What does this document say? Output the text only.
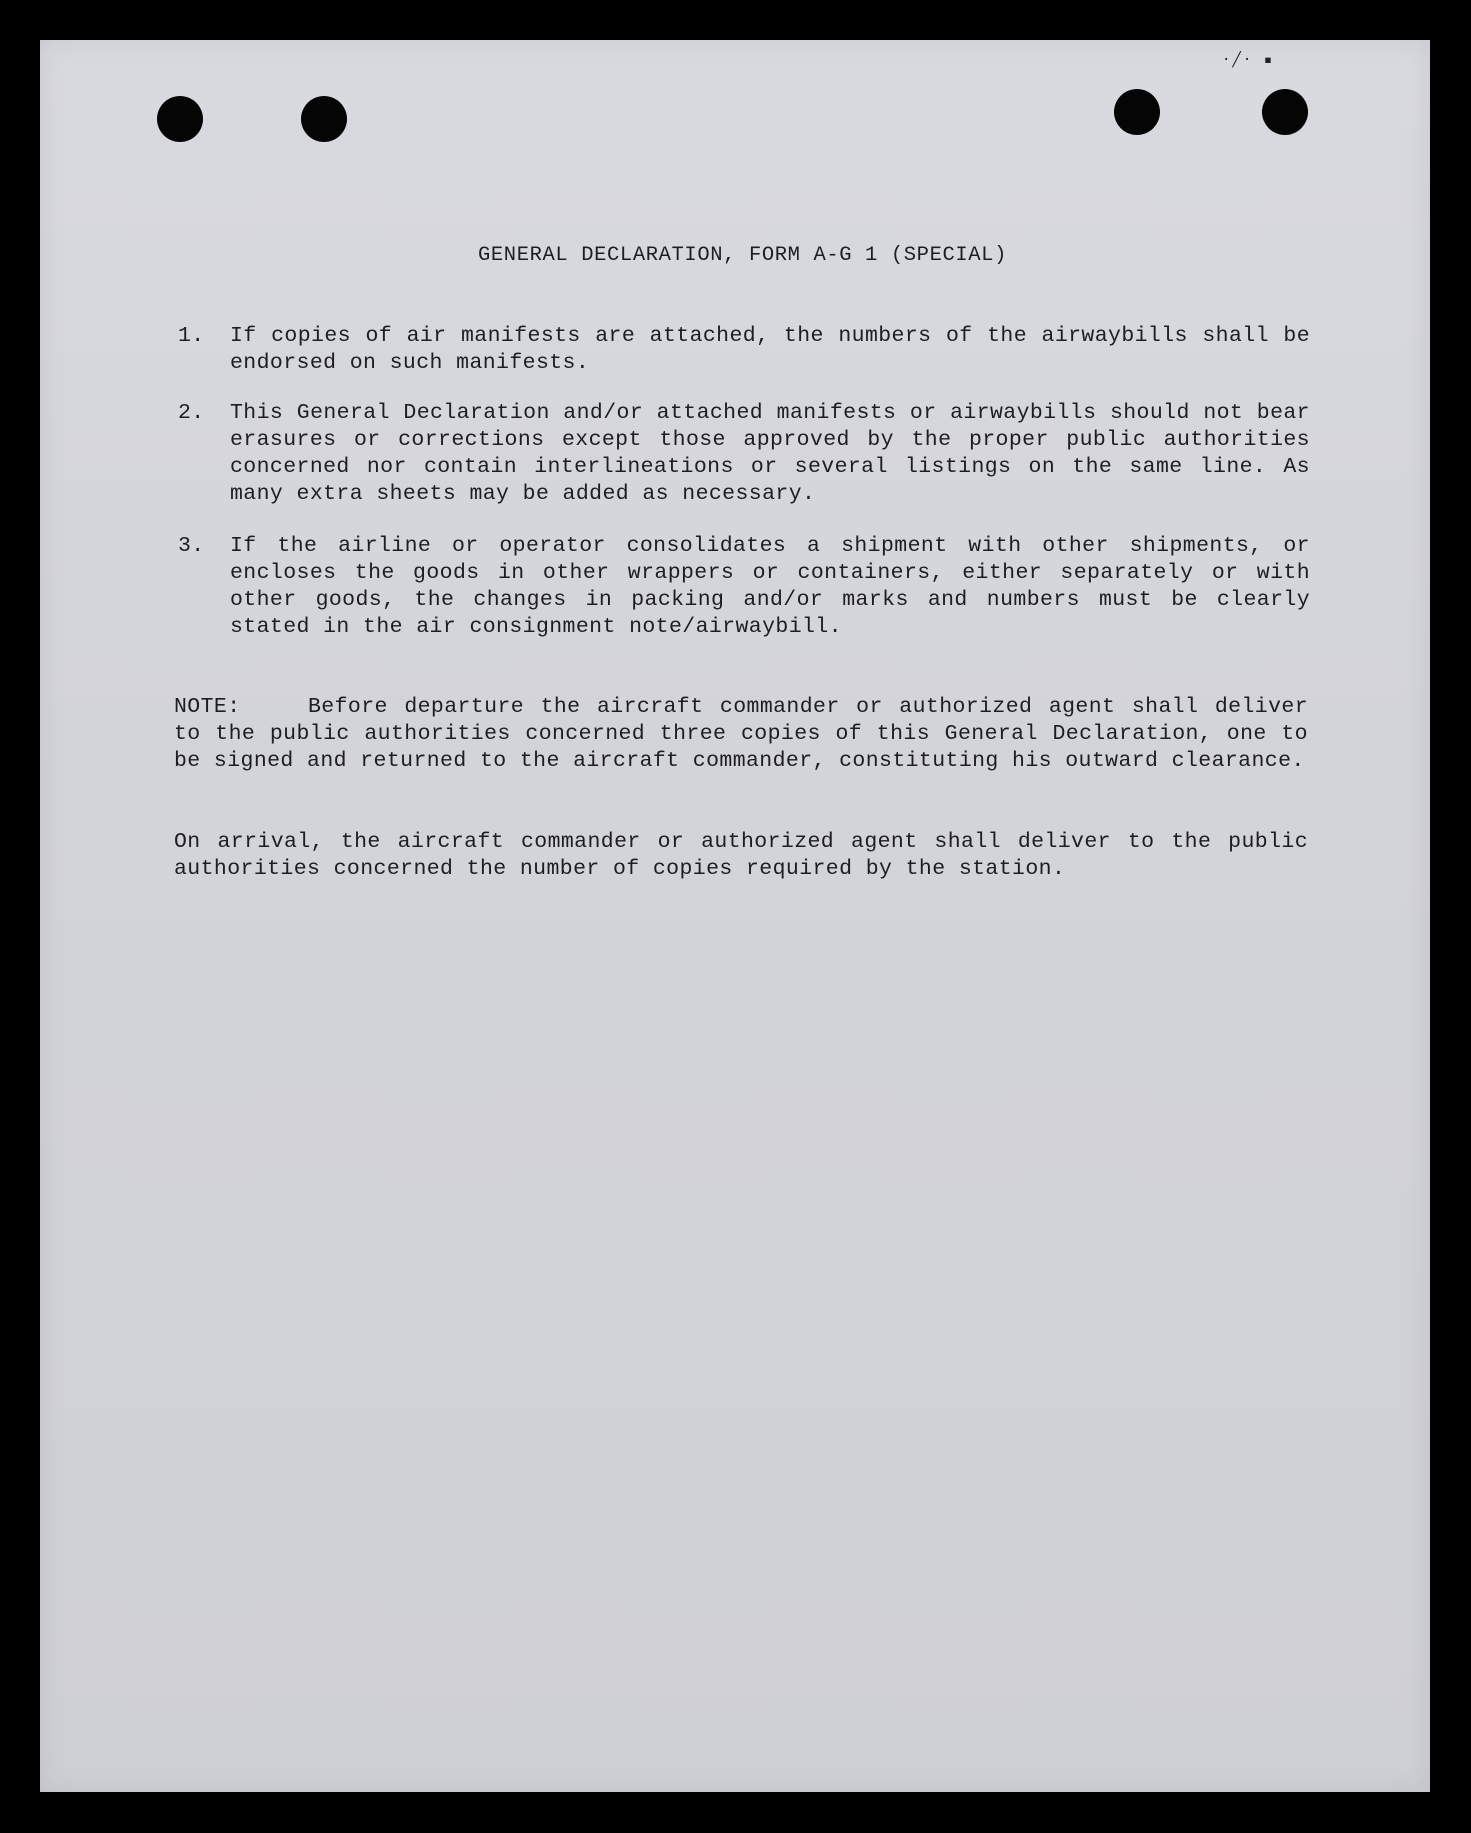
·╱· ▪
GENERAL DECLARATION, FORM A-G 1 (SPECIAL)
1. If copies of air manifests are attached, the numbers of the airwaybills shall be endorsed on such manifests.
2. This General Declaration and/or attached manifests or airwaybills should not bear erasures or corrections except those approved by the proper public authorities concerned nor contain interlineations or several listings on the same line. As many extra sheets may be added as necessary.
3. If the airline or operator consolidates a shipment with other shipments, or encloses the goods in other wrappers or containers, either separately or with other goods, the changes in packing and/or marks and numbers must be clearly stated in the air consignment note/airwaybill.
NOTE:	Before departure the aircraft commander or authorized agent shall deliver to the public authorities concerned three copies of this General Declaration, one to be signed and returned to the aircraft commander, constituting his outward clearance.
On arrival, the aircraft commander or authorized agent shall deliver to the public authorities concerned the number of copies required by the station.
